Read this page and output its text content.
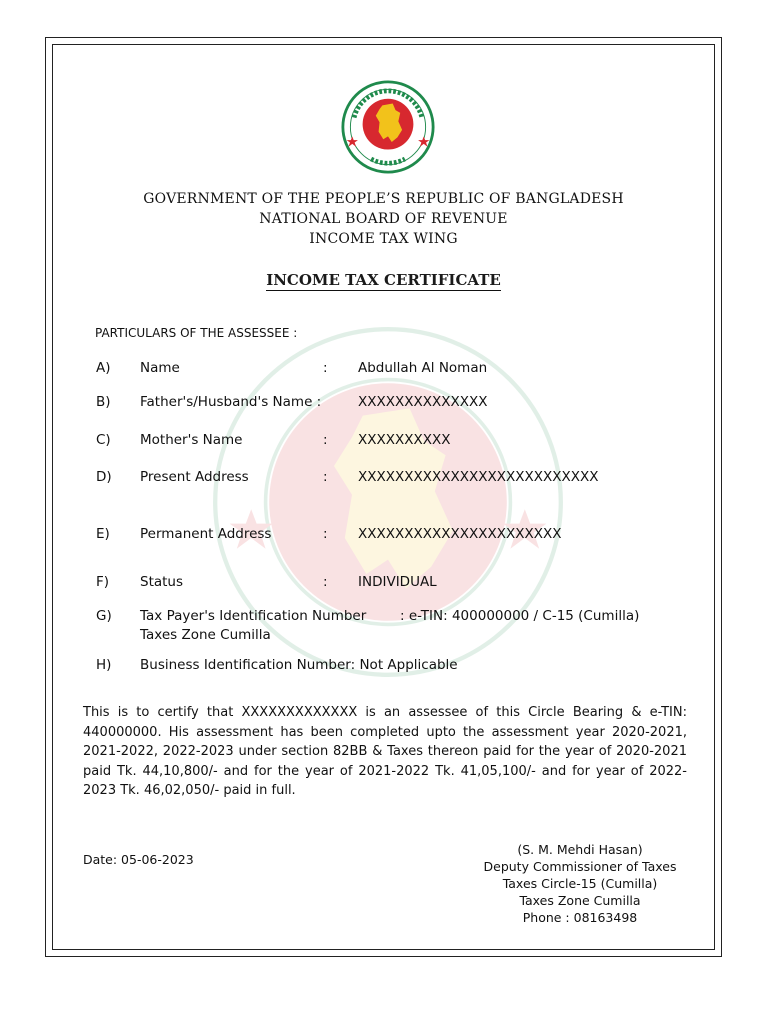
GOVERNMENT OF THE PEOPLE’S REPUBLIC OF BANGLADESH
NATIONAL BOARD OF REVENUE
INCOME TAX WING
INCOME TAX CERTIFICATE
PARTICULARS OF THE ASSESSEE :
A) Name	: Abdullah Al Noman
B) Father's/Husband's Name :	XXXXXXXXXXXXXX
C) Mother's Name	: XXXXXXXXXX
D) Present Address	: XXXXXXXXXXXXXXXXXXXXXXXXXX
E) Permanent Address	: XXXXXXXXXXXXXXXXXXXXXX
F) Status	: INDIVIDUAL
G) Tax Payer's Identification Number : e-TIN: 400000000 / C-15 (Cumilla)
Taxes Zone Cumilla
H) Business Identification Number: Not Applicable
This is to certify that XXXXXXXXXXXXX is an assessee of this Circle Bearing & e-TIN: 440000000. His assessment has been completed upto the assessment year 2020-2021, 2021-2022, 2022-2023 under section 82BB & Taxes thereon paid for the year of 2020-2021 paid Tk. 44,10,800/- and for the year of 2021-2022 Tk. 41,05,100/- and for year of 2022-2023 Tk. 46,02,050/- paid in full.
Date: 05-06-2023
(S. M. Mehdi Hasan)
Deputy Commissioner of Taxes
Taxes Circle-15 (Cumilla)
Taxes Zone Cumilla
Phone : 08163498
